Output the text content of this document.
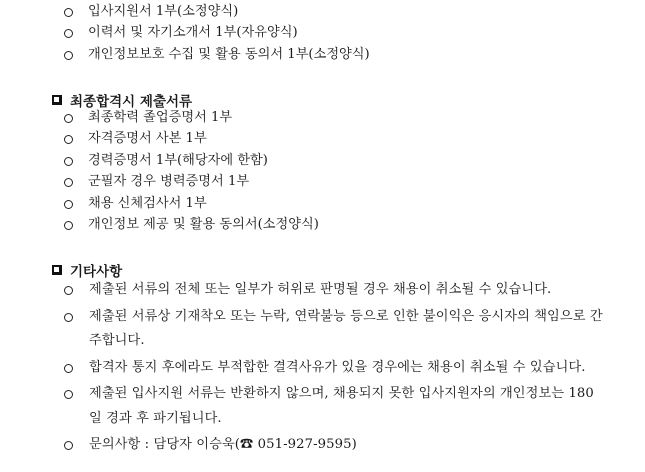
입사지원서 1부(소정양식)
이력서 및 자기소개서 1부(자유양식)
개인정보보호 수집 및 활용 동의서 1부(소정양식)
최종합격시 제출서류
최종학력 졸업증명서 1부
자격증명서 사본 1부
경력증명서 1부(해당자에 한함)
군필자 경우 병력증명서 1부
채용 신체검사서 1부
개인정보 제공 및 활용 동의서(소정양식)
기타사항
제출된 서류의 전체 또는 일부가 허위로 판명될 경우 채용이 취소될 수 있습니다.
제출된 서류상 기재착오 또는 누락, 연락불능 등으로 인한 불이익은 응시자의 책임으로 간주합니다.
합격자 통지 후에라도 부적합한 결격사유가 있을 경우에는 채용이 취소될 수 있습니다.
제출된 입사지원 서류는 반환하지 않으며, 채용되지 못한 입사지원자의 개인정보는 180일 경과 후 파기됩니다.
문의사항 : 담당자 이승욱(☎ 051-927-9595)
